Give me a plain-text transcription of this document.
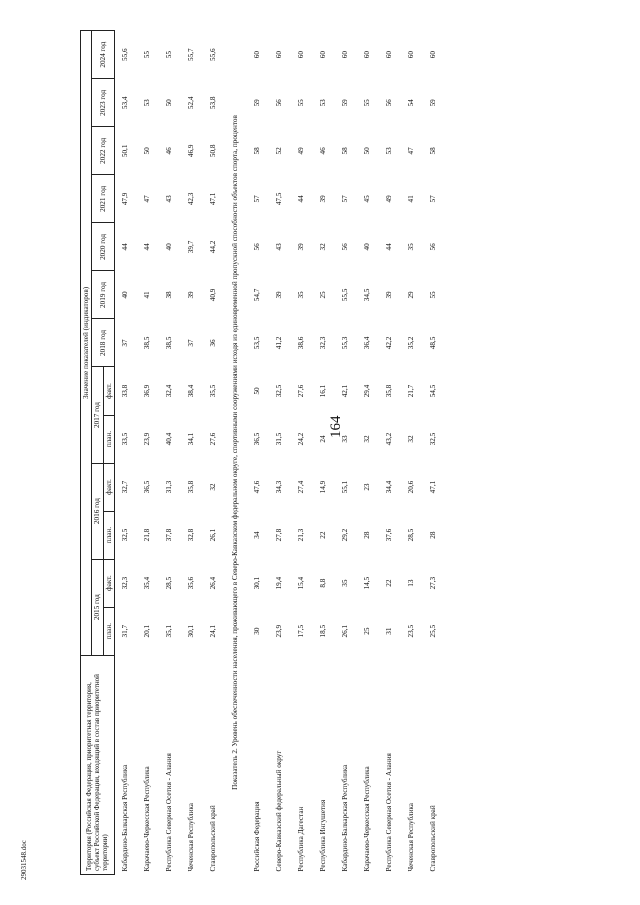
164
29031548.doc	Территория (Российская Федерация, приоритетная территория, субъект Российской Федерации, входящий в состав приоритетной территории)	Значение показателей (индикаторов)												
	2015 год		2016 год		2017 год		2018 год	2019 год	2020 год	2021 год	2022 год	2023 год	2024 год
	план.	факт.	план.	факт.	план.	факт.							
Кабардино-Балкарская Республика	31,7	32,3	32,5	32,7	33,5	33,8	37	40	44	47,9	50,1	53,4	55,6
Карачаево-Черкесская Республика	20,1	35,4	21,8	36,5	23,9	36,9	38,5	41	44	47	50	53	55
Республика Северная Осетия - Алания	35,1	28,5	37,8	31,3	40,4	32,4	38,5	38	40	43	46	50	55
Чеченская Республика	30,1	35,6	32,8	35,8	34,1	38,4	37	39	39,7	42,3	46,9	52,4	55,7
Ставропольский край	24,1	26,4	26,1	32	27,6	35,5	36	40,9	44,2	47,1	50,8	53,8	55,6
Показатель 2. Уровень обеспеченности населения, проживающего в Северо-Кавказском федеральном округе, спортивными сооружениями исходя из единовременной пропускной способности объектов спорта, процентов													
Российская Федерация	30	30,1	34	47,6	36,5	50	53,5	54,7	56	57	58	59	60
Северо-Кавказский федеральный округ	23,9	19,4	27,8	34,3	31,5	32,5	41,2	39	43	47,5	52	56	60
Республика Дагестан	17,5	15,4	21,3	27,4	24,2	27,6	38,6	35	39	44	49	55	60
Республика Ингушетия	18,5	8,8	22	14,9	24	16,1	32,3	25	32	39	46	53	60
Кабардино-Балкарская Республика	26,1	35	29,2	55,1	33	42,1	55,3	55,5	56	57	58	59	60
Карачаево-Черкесская Республика	25	14,5	28	23	32	29,4	36,4	34,5	40	45	50	55	60
Республика Северная Осетия - Алания	31	22	37,6	34,4	43,2	35,8	42,2	39	44	49	53	56	60
Чеченская Республика	23,5	13	28,5	20,6	32	21,7	35,2	29	35	41	47	54	60
Ставропольский край	25,5	27,3	28	47,1	32,5	54,5	48,5	55	56	57	58	59	60
